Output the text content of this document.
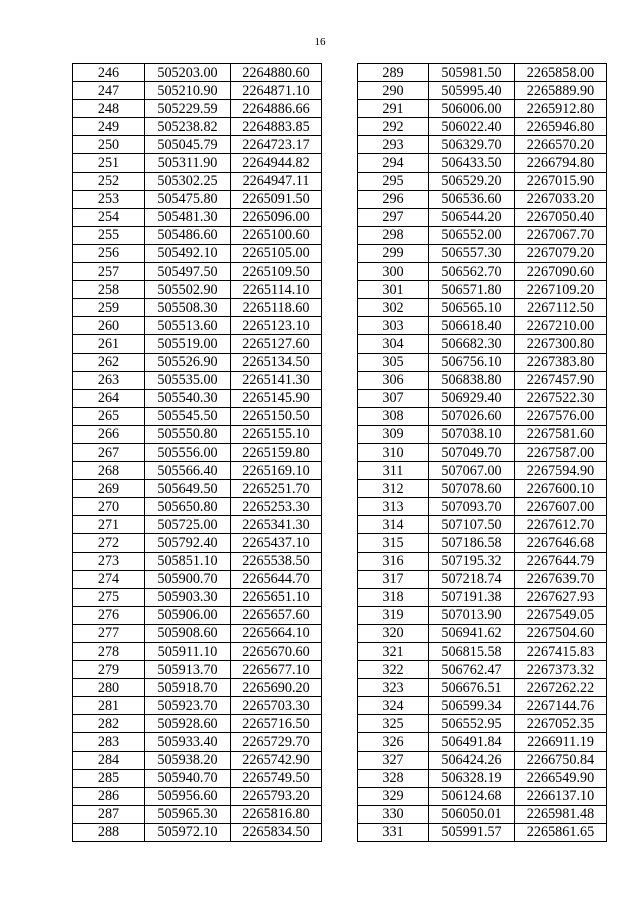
16
246	505203.00	2264880.60
247	505210.90	2264871.10
248	505229.59	2264886.66
249	505238.82	2264883.85
250	505045.79	2264723.17
251	505311.90	2264944.82
252	505302.25	2264947.11
253	505475.80	2265091.50
254	505481.30	2265096.00
255	505486.60	2265100.60
256	505492.10	2265105.00
257	505497.50	2265109.50
258	505502.90	2265114.10
259	505508.30	2265118.60
260	505513.60	2265123.10
261	505519.00	2265127.60
262	505526.90	2265134.50
263	505535.00	2265141.30
264	505540.30	2265145.90
265	505545.50	2265150.50
266	505550.80	2265155.10
267	505556.00	2265159.80
268	505566.40	2265169.10
269	505649.50	2265251.70
270	505650.80	2265253.30
271	505725.00	2265341.30
272	505792.40	2265437.10
273	505851.10	2265538.50
274	505900.70	2265644.70
275	505903.30	2265651.10
276	505906.00	2265657.60
277	505908.60	2265664.10
278	505911.10	2265670.60
279	505913.70	2265677.10
280	505918.70	2265690.20
281	505923.70	2265703.30
282	505928.60	2265716.50
283	505933.40	2265729.70
284	505938.20	2265742.90
285	505940.70	2265749.50
286	505956.60	2265793.20
287	505965.30	2265816.80
288	505972.10	2265834.50
289	505981.50	2265858.00
290	505995.40	2265889.90
291	506006.00	2265912.80
292	506022.40	2265946.80
293	506329.70	2266570.20
294	506433.50	2266794.80
295	506529.20	2267015.90
296	506536.60	2267033.20
297	506544.20	2267050.40
298	506552.00	2267067.70
299	506557.30	2267079.20
300	506562.70	2267090.60
301	506571.80	2267109.20
302	506565.10	2267112.50
303	506618.40	2267210.00
304	506682.30	2267300.80
305	506756.10	2267383.80
306	506838.80	2267457.90
307	506929.40	2267522.30
308	507026.60	2267576.00
309	507038.10	2267581.60
310	507049.70	2267587.00
311	507067.00	2267594.90
312	507078.60	2267600.10
313	507093.70	2267607.00
314	507107.50	2267612.70
315	507186.58	2267646.68
316	507195.32	2267644.79
317	507218.74	2267639.70
318	507191.38	2267627.93
319	507013.90	2267549.05
320	506941.62	2267504.60
321	506815.58	2267415.83
322	506762.47	2267373.32
323	506676.51	2267262.22
324	506599.34	2267144.76
325	506552.95	2267052.35
326	506491.84	2266911.19
327	506424.26	2266750.84
328	506328.19	2266549.90
329	506124.68	2266137.10
330	506050.01	2265981.48
331	505991.57	2265861.65
